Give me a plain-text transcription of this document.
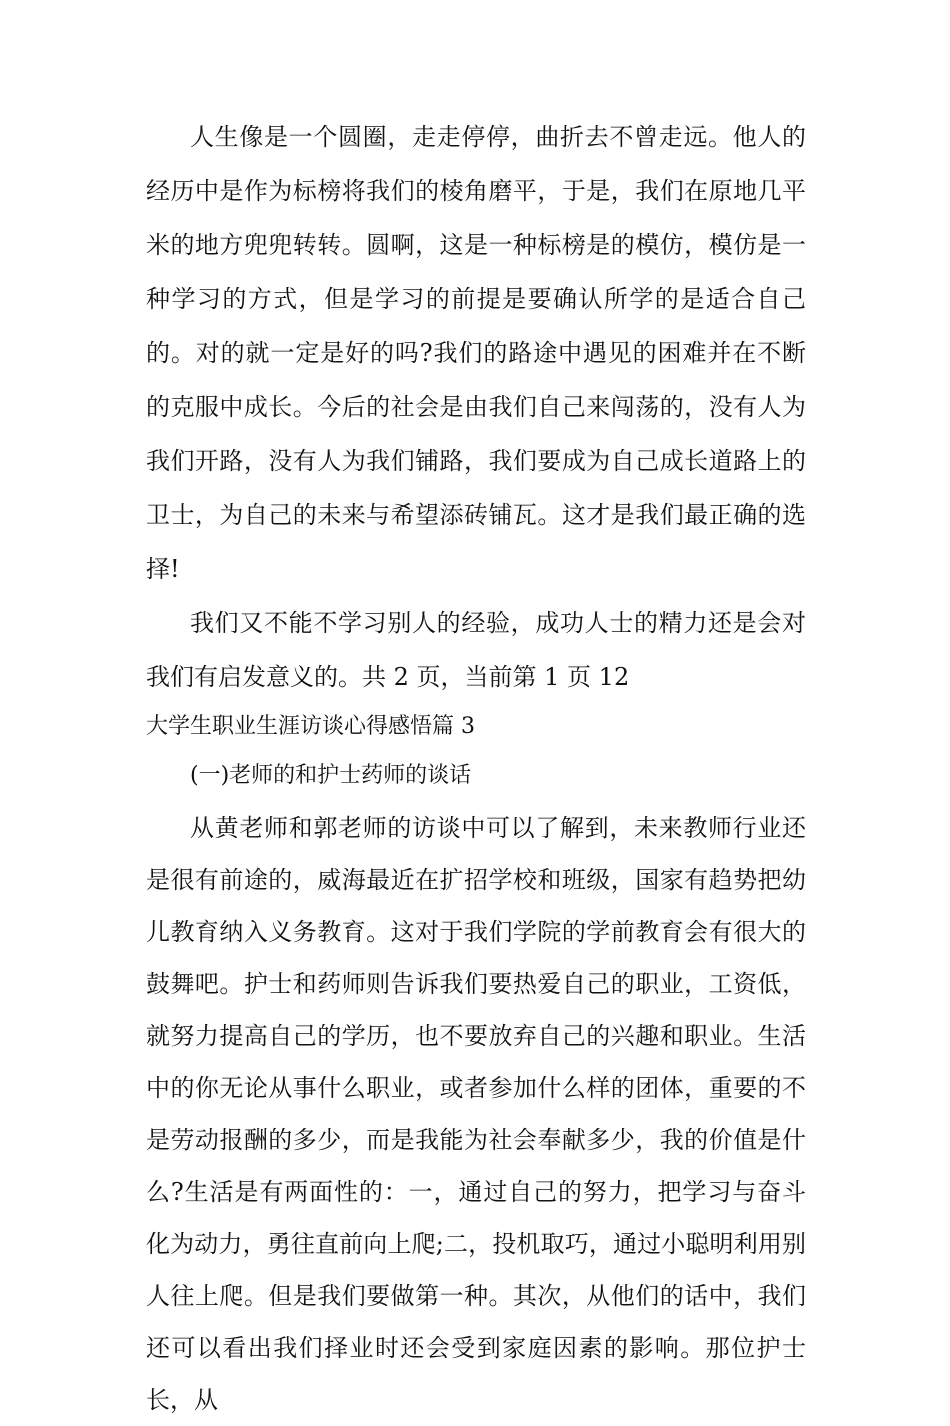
人生像是一个圆圈，走走停停，曲折去不曾走远。他人的经历中是作为标榜将我们的棱角磨平，于是，我们在原地几平米的地方兜兜转转。圆啊，这是一种标榜是的模仿，模仿是一种学习的方式，但是学习的前提是要确认所学的是适合自己的。对的就一定是好的吗?我们的路途中遇见的困难并在不断的克服中成长。今后的社会是由我们自己来闯荡的，没有人为我们开路，没有人为我们铺路，我们要成为自己成长道路上的卫士，为自己的未来与希望添砖铺瓦。这才是我们最正确的选择!

我们又不能不学习别人的经验，成功人士的精力还是会对我们有启发意义的。共 2 页，当前第 1 页 12

大学生职业生涯访谈心得感悟篇 3

(一)老师的和护士药师的谈话

从黄老师和郭老师的访谈中可以了解到，未来教师行业还是很有前途的，威海最近在扩招学校和班级，国家有趋势把幼儿教育纳入义务教育。这对于我们学院的学前教育会有很大的鼓舞吧。护士和药师则告诉我们要热爱自己的职业，工资低，就努力提高自己的学历，也不要放弃自己的兴趣和职业。生活中的你无论从事什么职业，或者参加什么样的团体，重要的不是劳动报酬的多少，而是我能为社会奉献多少，我的价值是什么?生活是有两面性的：一，通过自己的努力，把学习与奋斗化为动力，勇往直前向上爬;二，投机取巧，通过小聪明利用别人往上爬。但是我们要做第一种。其次，从他们的话中，我们还可以看出我们择业时还会受到家庭因素的影响。那位护士长，从
